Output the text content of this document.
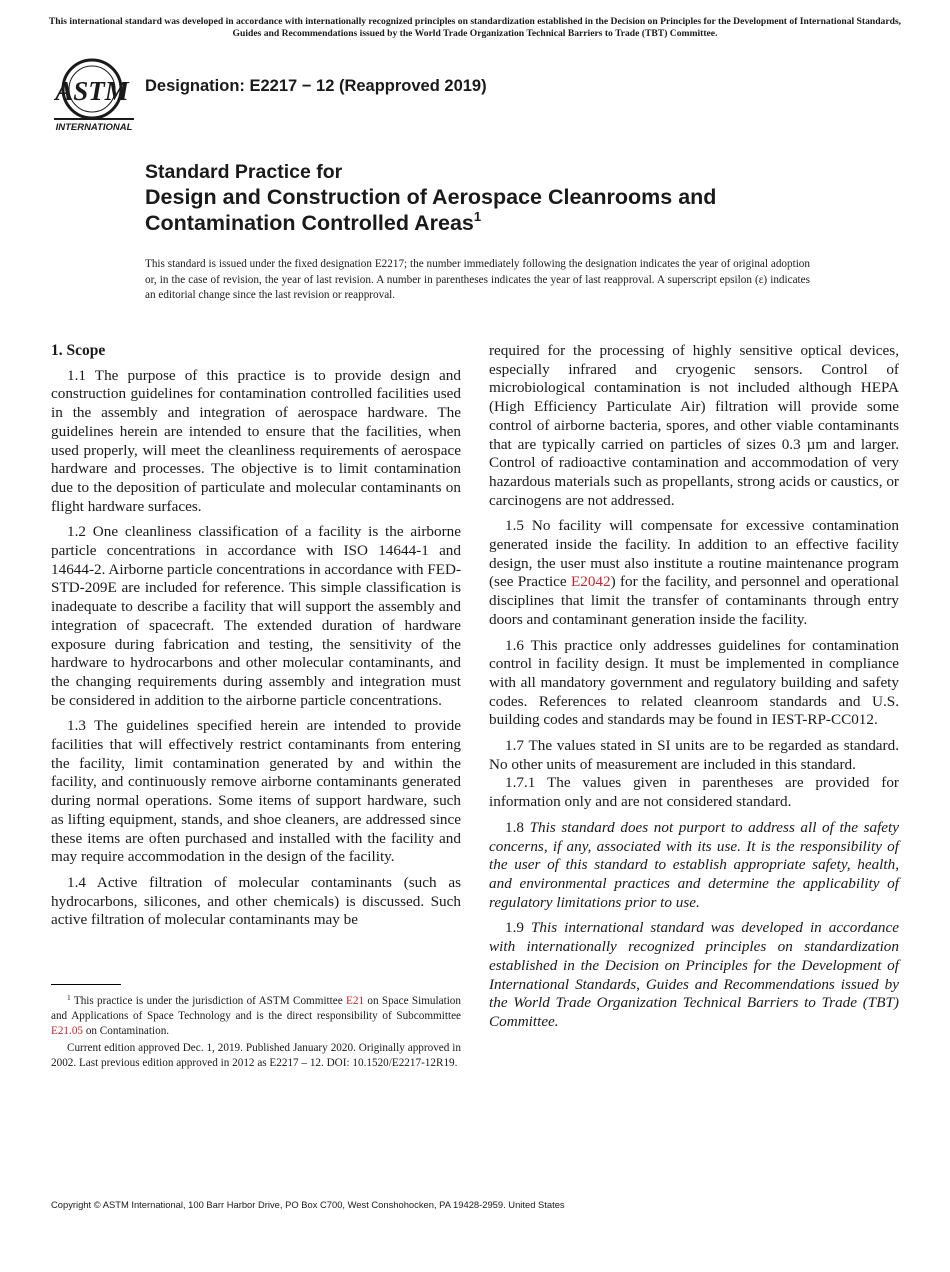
This international standard was developed in accordance with internationally recognized principles on standardization established in the Decision on Principles for the Development of International Standards, Guides and Recommendations issued by the World Trade Organization Technical Barriers to Trade (TBT) Committee.
ASTM
INTERNATIONAL
Designation: E2217 − 12 (Reapproved 2019)
Standard Practice for
Design and Construction of Aerospace Cleanrooms and
Contamination Controlled Areas$^1$
This standard is issued under the fixed designation E2217; the number immediately following the designation indicates the year of original adoption or, in the case of revision, the year of last revision. A number in parentheses indicates the year of last reapproval. A superscript epsilon (ε) indicates an editorial change since the last revision or reapproval.
1. Scope

1.1 The purpose of this practice is to provide design and construction guidelines for contamination controlled facilities used in the assembly and integration of aerospace hardware. The guidelines herein are intended to ensure that the facilities, when used properly, will meet the cleanliness requirements of aerospace hardware and processes. The objective is to limit contamination due to the deposition of particulate and molecular contaminants on flight hardware surfaces.

1.2 One cleanliness classification of a facility is the airborne particle concentrations in accordance with ISO 14644-1 and 14644-2. Airborne particle concentrations in accordance with FED-STD-209E are included for reference. This simple classification is inadequate to describe a facility that will support the assembly and integration of spacecraft. The extended duration of hardware exposure during fabrication and testing, the sensitivity of the hardware to hydrocarbons and other molecular contaminants, and the changing requirements during assembly and integration must be considered in addition to the airborne particle concentrations.

1.3 The guidelines specified herein are intended to provide facilities that will effectively restrict contaminants from entering the facility, limit contamination generated by and within the facility, and continuously remove airborne contaminants generated during normal operations. Some items of support hardware, such as lifting equipment, stands, and shoe cleaners, are addressed since these items are often purchased and installed with the facility and may require accommodation in the design of the facility.

1.4 Active filtration of molecular contaminants (such as hydrocarbons, silicones, and other chemicals) is discussed. Such active filtration of molecular contaminants may be

required for the processing of highly sensitive optical devices, especially infrared and cryogenic sensors. Control of microbiological contamination is not included although HEPA (High Efficiency Particulate Air) filtration will provide some control of airborne bacteria, spores, and other viable contaminants that are typically carried on particles of sizes 0.3 µm and larger. Control of radioactive contamination and accommodation of very hazardous materials such as propellants, strong acids or caustics, or carcinogens are not addressed.

1.5 No facility will compensate for excessive contamination generated inside the facility. In addition to an effective facility design, the user must also institute a routine maintenance program (see Practice E2042) for the facility, and personnel and operational disciplines that limit the transfer of contaminants through entry doors and contaminant generation inside the facility.

1.6 This practice only addresses guidelines for contamination control in facility design. It must be implemented in compliance with all mandatory government and regulatory building and safety codes. References to related cleanroom standards and U.S. building codes and standards may be found in IEST-RP-CC012.

1.7 The values stated in SI units are to be regarded as standard. No other units of measurement are included in this standard.

1.7.1 The values given in parentheses are provided for information only and are not considered standard.

1.8 This standard does not purport to address all of the safety concerns, if any, associated with its use. It is the responsibility of the user of this standard to establish appropriate safety, health, and environmental practices and determine the applicability of regulatory limitations prior to use.

1.9 This international standard was developed in accordance with internationally recognized principles on standardization established in the Decision on Principles for the Development of International Standards, Guides and Recommendations issued by the World Trade Organization Technical Barriers to Trade (TBT) Committee.

$^1$ This practice is under the jurisdiction of ASTM Committee E21 on Space Simulation and Applications of Space Technology and is the direct responsibility of Subcommittee E21.05 on Contamination.

Current edition approved Dec. 1, 2019. Published January 2020. Originally approved in 2002. Last previous edition approved in 2012 as E2217 – 12. DOI: 10.1520/E2217-12R19.

Copyright © ASTM International, 100 Barr Harbor Drive, PO Box C700, West Conshohocken, PA 19428-2959. United States
